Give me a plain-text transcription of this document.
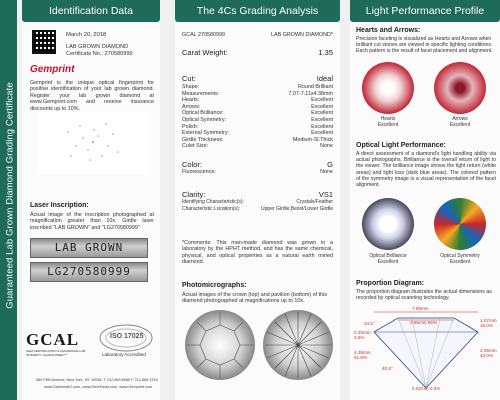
Guaranteed Lab Grown Diamond Grading Certificate
Identification Data
March 20, 2018
LAB GROWN DIAMOND
Certificate No.: 270580999
Gemprint
Gemprint is the unique optical fingerprint for positive identification of your lab grown diamond. Register your lab grown diamond at www.Gemprint.com and receive insurance discounts up to 10%.
Laser Inscription:
Actual image of the inscription photographed at magnification greater than 10x. Girdle laser inscribed "LAB GROWN" and "LG270580999"
LAB GROWN
LG270580999
GCAL
GEM CERTIFICATION & ASSURANCE LAB
INTEGRITY GUARANTEED™
ISO 17025
Laboratory Accredited
580 Fifth Avenue, New York, NY 10036, T 212.869.8985 F 212.869.2315
www.DiamondID.com, www.GemFacts.com, www.Gemprint.com
The 4Cs Grading Analysis
GCAL 270580999	LAB GROWN DIAMOND*
Carat Weight:	1.35
Cut:	Ideal
Shape:	Round Brilliant
Measurements:	7.07-7.11x4.38mm
Hearts:	Excellent
Arrows:	Excellent
Optical Brilliance:	Excellent
Optical Symmetry:	Excellent
Polish:	Excellent
External Symmetry:	Excellent
Girdle Thickness:	Medium-Sl.Thick
Culet Size:	None
Color:	G
Fluorescence:	None
Clarity:	VS1
Identifying Characteristic(s):	Crystals/Feather
Characteristic Location(s):	Upper Girdle,Bezel/Lower Girdle
*Comments: This man-made diamond was grown in a laboratory by the HPHT method, and has the same chemical, physical, and optical properties as a natural earth mined diamond.
Photomicrographs:
Actual images of the crown (top) and pavilion (bottom) of this diamond photographed at magnifications up to 10x.
Light Performance Profile
Hearts and Arrows:
Precision faceting is visualized as Hearts and Arrows when brilliant cut stones are viewed in specific lighting conditions. Each pattern is the result of facet placement and alignment.
Hearts
Excellent
Arrows
Excellent
Optical Light Performance:
A direct assessment of a diamond's light handling ability via actual photographs. Brilliance is the overall return of light to the viewer. The brilliance image shows the light return (white areas) and light loss (dark blue areas). The colored pattern of the symmetry image is a visual representation of the facet alignment.
Optical Brilliance
Excellent
Optical Symmetry
Excellent
Proportion Diagram:
The proportion diagram illustrates the actual dimensions as recorded by optical scanning technology.
7.06mm
3.95mm 56%
34.5°
0.25mm 3.5%
4.38mm 61.8%
40.8°
1.07mm 15.0%
3.06mm 43.0%
0.02mm 0.3%
